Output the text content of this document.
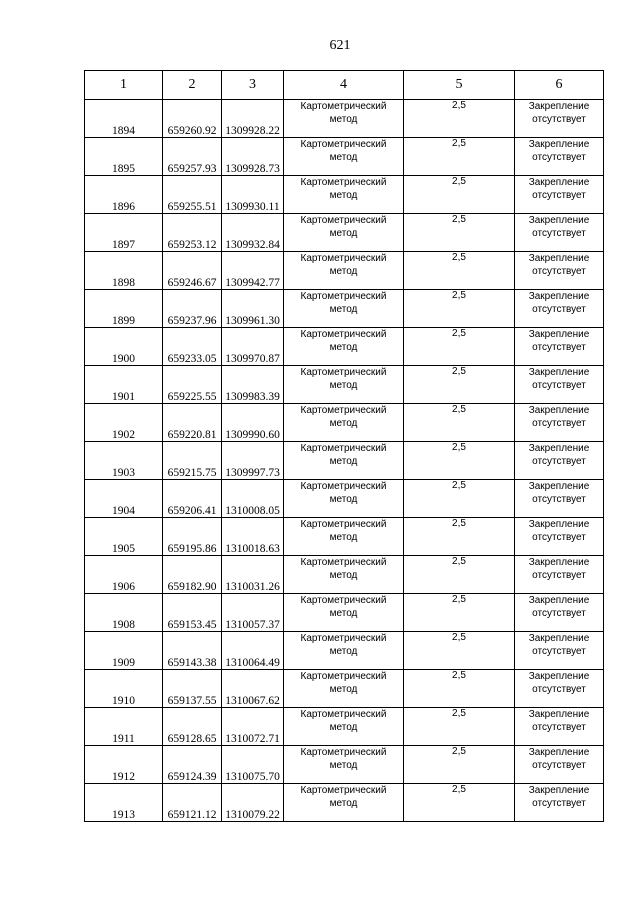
621
1	2	3	4	5	6
1894	659260.92	1309928.22	Картометрический
метод	2,5	Закрепление
отсутствует

1895	659257.93	1309928.73	Картометрический
метод	2,5	Закрепление
отсутствует

1896	659255.51	1309930.11	Картометрический
метод	2,5	Закрепление
отсутствует

1897	659253.12	1309932.84	Картометрический
метод	2,5	Закрепление
отсутствует

1898	659246.67	1309942.77	Картометрический
метод	2,5	Закрепление
отсутствует

1899	659237.96	1309961.30	Картометрический
метод	2,5	Закрепление
отсутствует

1900	659233.05	1309970.87	Картометрический
метод	2,5	Закрепление
отсутствует

1901	659225.55	1309983.39	Картометрический
метод	2,5	Закрепление
отсутствует

1902	659220.81	1309990.60	Картометрический
метод	2,5	Закрепление
отсутствует

1903	659215.75	1309997.73	Картометрический
метод	2,5	Закрепление
отсутствует

1904	659206.41	1310008.05	Картометрический
метод	2,5	Закрепление
отсутствует

1905	659195.86	1310018.63	Картометрический
метод	2,5	Закрепление
отсутствует

1906	659182.90	1310031.26	Картометрический
метод	2,5	Закрепление
отсутствует

1908	659153.45	1310057.37	Картометрический
метод	2,5	Закрепление
отсутствует

1909	659143.38	1310064.49	Картометрический
метод	2,5	Закрепление
отсутствует

1910	659137.55	1310067.62	Картометрический
метод	2,5	Закрепление
отсутствует

1911	659128.65	1310072.71	Картометрический
метод	2,5	Закрепление
отсутствует

1912	659124.39	1310075.70	Картометрический
метод	2,5	Закрепление
отсутствует

1913	659121.12	1310079.22	Картометрический
метод	2,5	Закрепление
отсутствует
